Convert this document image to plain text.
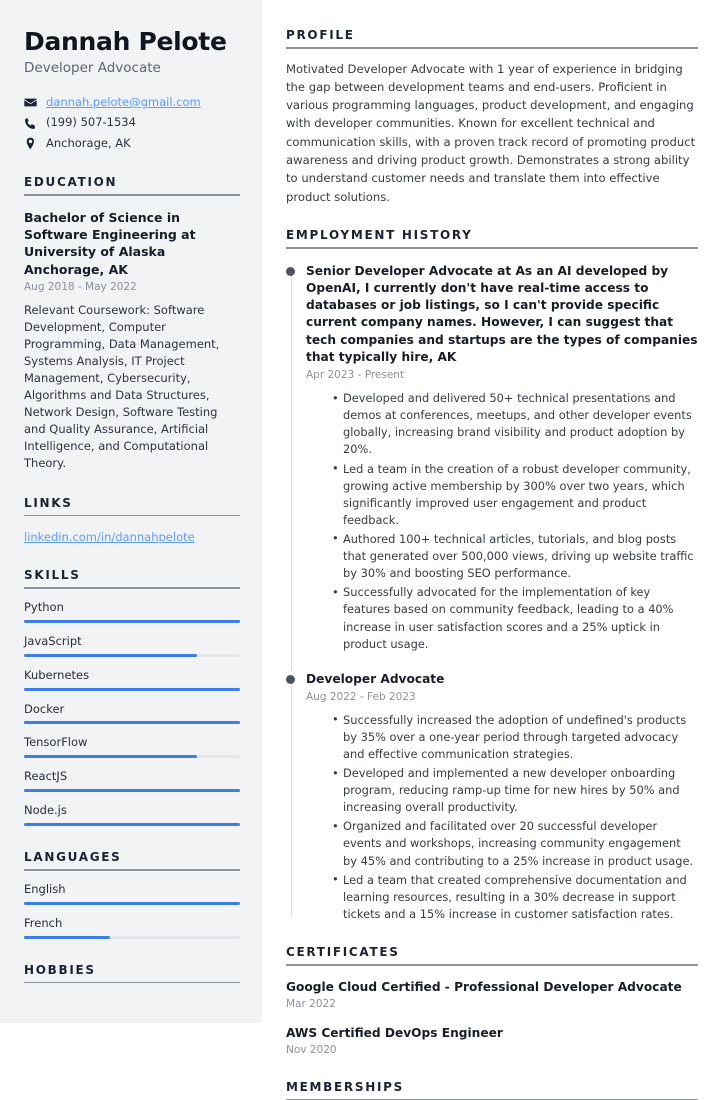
Dannah Pelote
Developer Advocate
dannah.pelote@gmail.com
(199) 507-1534
Anchorage, AK
EDUCATION
Bachelor of Science in Software Engineering at University of Alaska Anchorage, AK
Aug 2018 - May 2022
Relevant Coursework: Software Development, Computer Programming, Data Management, Systems Analysis, IT Project Management, Cybersecurity, Algorithms and Data Structures, Network Design, Software Testing and Quality Assurance, Artificial Intelligence, and Computational Theory.
LINKS
linkedin.com/in/dannahpelote
SKILLS
Python
JavaScript
Kubernetes
Docker
TensorFlow
ReactJS
Node.js
LANGUAGES
English
French
HOBBIES
PROFILE

Motivated Developer Advocate with 1 year of experience in bridging the gap between development teams and end-users. Proficient in various programming languages, product development, and engaging with developer communities. Known for excellent technical and communication skills, with a proven track record of promoting product awareness and driving product growth. Demonstrates a strong ability to understand customer needs and translate them into effective product solutions.

EMPLOYMENT HISTORY
Senior Developer Advocate at As an AI developed by OpenAI, I currently don't have real-time access to databases or job listings, so I can't provide specific current company names. However, I can suggest that tech companies and startups are the types of companies that typically hire, AK
Apr 2023 - Present
• Developed and delivered 50+ technical presentations and demos at conferences, meetups, and other developer events globally, increasing brand visibility and product adoption by 20%.
• Led a team in the creation of a robust developer community, growing active membership by 300% over two years, which significantly improved user engagement and product feedback.
• Authored 100+ technical articles, tutorials, and blog posts that generated over 500,000 views, driving up website traffic by 30% and boosting SEO performance.
• Successfully advocated for the implementation of key features based on community feedback, leading to a 40% increase in user satisfaction scores and a 25% uptick in product usage.
Developer Advocate
Aug 2022 - Feb 2023
• Successfully increased the adoption of undefined's products by 35% over a one-year period through targeted advocacy and effective communication strategies.
• Developed and implemented a new developer onboarding program, reducing ramp-up time for new hires by 50% and increasing overall productivity.
• Organized and facilitated over 20 successful developer events and workshops, increasing community engagement by 45% and contributing to a 25% increase in product usage.
• Led a team that created comprehensive documentation and learning resources, resulting in a 30% decrease in support tickets and a 15% increase in customer satisfaction rates.
CERTIFICATES
Google Cloud Certified - Professional Developer Advocate
Mar 2022
AWS Certified DevOps Engineer
Nov 2020
MEMBERSHIPS
